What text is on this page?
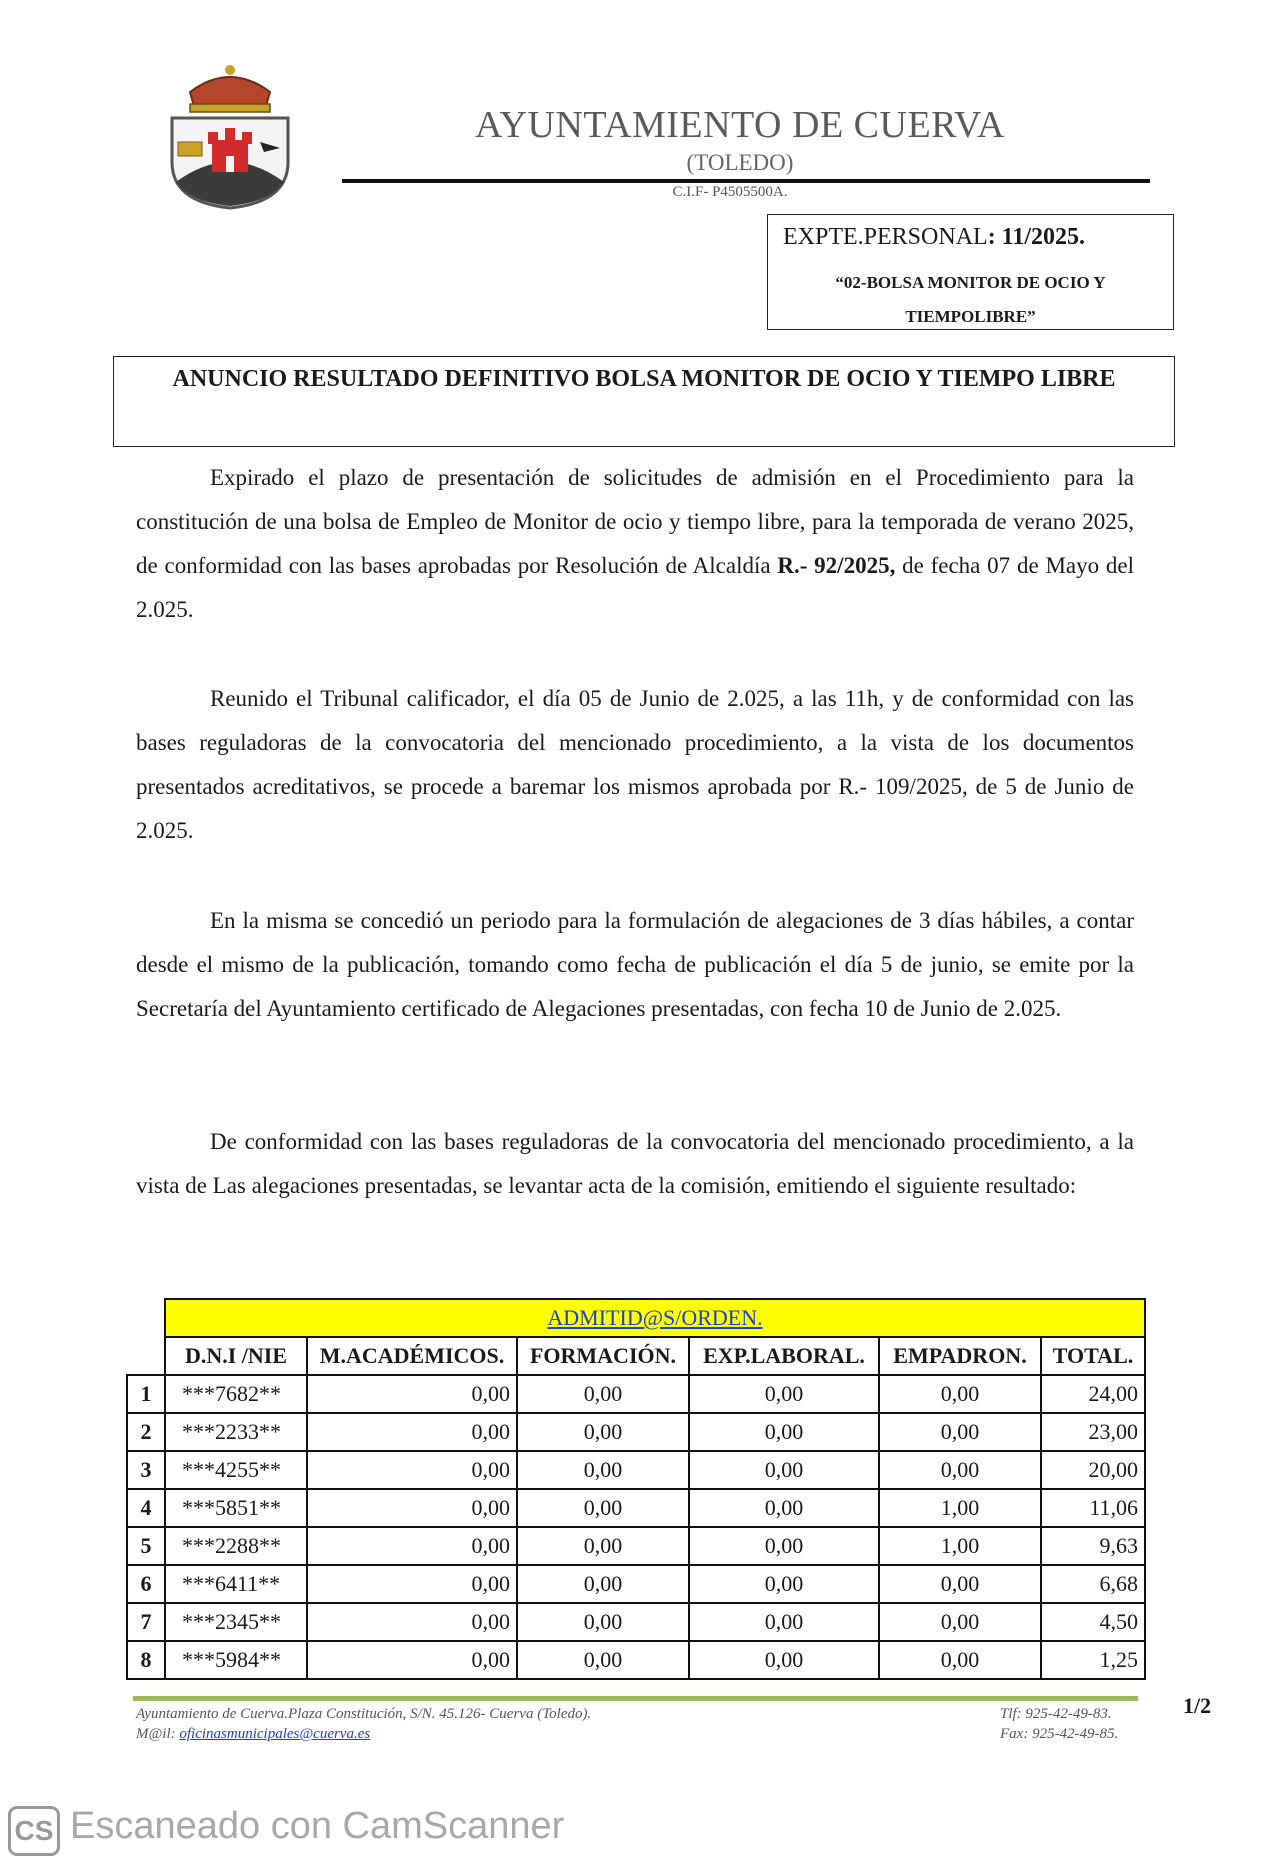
AYUNTAMIENTO DE CUERVA
(TOLEDO)
C.I.F- P4505500A.
EXPTE.PERSONAL: 11/2025.
“02-BOLSA MONITOR DE OCIO Y
TIEMPOLIBRE”
ANUNCIO RESULTADO DEFINITIVO BOLSA MONITOR DE OCIO Y TIEMPO LIBRE
Expirado el plazo de presentación de solicitudes de admisión en el Procedimiento para la constitución de una bolsa de Empleo de Monitor de ocio y tiempo libre, para la temporada de verano 2025, de conformidad con las bases aprobadas por Resolución de Alcaldía R.- 92/2025, de fecha 07 de Mayo del 2.025.
Reunido el Tribunal calificador, el día 05 de Junio de 2.025, a las 11h, y de conformidad con las bases reguladoras de la convocatoria del mencionado procedimiento, a la vista de los documentos presentados acreditativos, se procede a baremar los mismos aprobada por R.- 109/2025, de 5 de Junio de 2.025.
En la misma se concedió un periodo para la formulación de alegaciones de 3 días hábiles, a contar desde el mismo de la publicación, tomando como fecha de publicación el día 5 de junio, se emite por la Secretaría del Ayuntamiento certificado de Alegaciones presentadas, con fecha 10 de Junio de 2.025.
De conformidad con las bases reguladoras de la convocatoria del mencionado procedimiento, a la vista de Las alegaciones presentadas, se levantar acta de la comisión, emitiendo el siguiente resultado:
	ADMITID@S/ORDEN.					
	D.N.I /NIE	M.ACADÉMICOS.	FORMACIÓN.	EXP.LABORAL.	EMPADRON.	TOTAL.
1	***7682**	0,00	0,00	0,00	0,00	24,00
2	***2233**	0,00	0,00	0,00	0,00	23,00
3	***4255**	0,00	0,00	0,00	0,00	20,00
4	***5851**	0,00	0,00	0,00	1,00	11,06
5	***2288**	0,00	0,00	0,00	1,00	9,63
6	***6411**	0,00	0,00	0,00	0,00	6,68
7	***2345**	0,00	0,00	0,00	0,00	4,50
8	***5984**	0,00	0,00	0,00	0,00	1,25
1/2
Ayuntamiento de Cuerva.Plaza Constitución, S/N. 45.126- Cuerva (Toledo).
M@il: oficinasmunicipales@cuerva.es
Tlf: 925-42-49-83.
Fax: 925-42-49-85.
CS Escaneado con CamScanner
